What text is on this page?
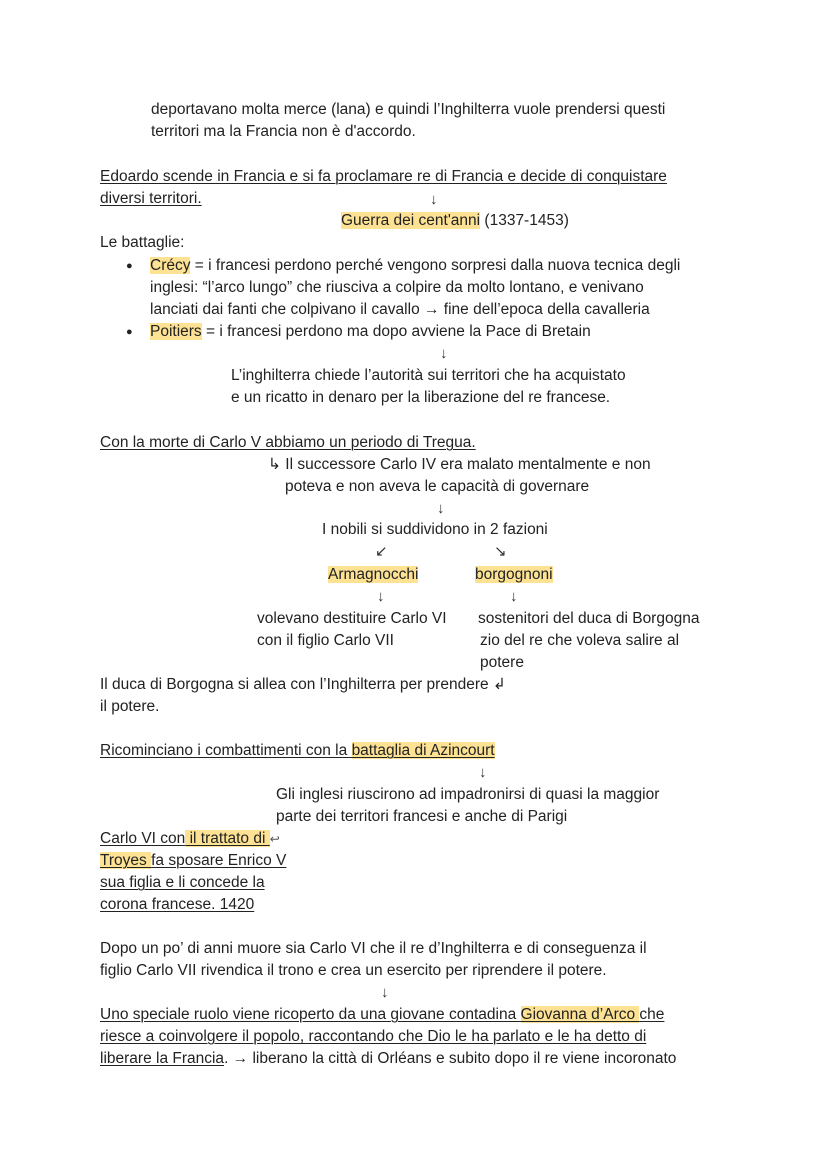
deportavano molta merce (lana) e quindi l’Inghilterra vuole prendersi questi
territori ma la Francia non è d'accordo.
Edoardo scende in Francia e si fa proclamare re di Francia e decide di conquistare
diversi territori.	↓
Guerra dei cent'anni (1337-1453)
Le battaglie:
● Crécy = i francesi perdono perché vengono sorpresi dalla nuova tecnica degli
inglesi: “l’arco lungo” che riusciva a colpire da molto lontano, e venivano
lanciati dai fanti che colpivano il cavallo → fine dell’epoca della cavalleria
● Poitiers = i francesi perdono ma dopo avviene la Pace di Bretain
↓
L’inghilterra chiede l’autorità sui territori che ha acquistato
e un ricatto in denaro per la liberazione del re francese.
Con la morte di Carlo V abbiamo un periodo di Tregua.
↳ Il successore Carlo IV era malato mentalmente e non
poteva e non aveva le capacità di governare
↓
I nobili si suddividono in 2 fazioni
↙	↘
Armagnocchi	borgognoni
↓	↓
volevano destituire Carlo VI
con il figlio Carlo VII
sostenitori del duca di Borgogna
zio del re che voleva salire al
potere
Il duca di Borgogna si allea con l’Inghilterra per prendere ↲
il potere.
Ricominciano i combattimenti con la battaglia di Azincourt
↓
Gli inglesi riuscirono ad impadronirsi di quasi la maggior
parte dei territori francesi e anche di Parigi
Carlo VI con il trattato di ↩
Troyes fa sposare Enrico V
sua figlia e li concede la
corona francese. 1420
Dopo un po’ di anni muore sia Carlo VI che il re d’Inghilterra e di conseguenza il
figlio Carlo VII rivendica il trono e crea un esercito per riprendere il potere.
↓
Uno speciale ruolo viene ricoperto da una giovane contadina Giovanna d’Arco che
riesce a coinvolgere il popolo, raccontando che Dio le ha parlato e le ha detto di
liberare la Francia. → liberano la città di Orléans e subito dopo il re viene incoronato
